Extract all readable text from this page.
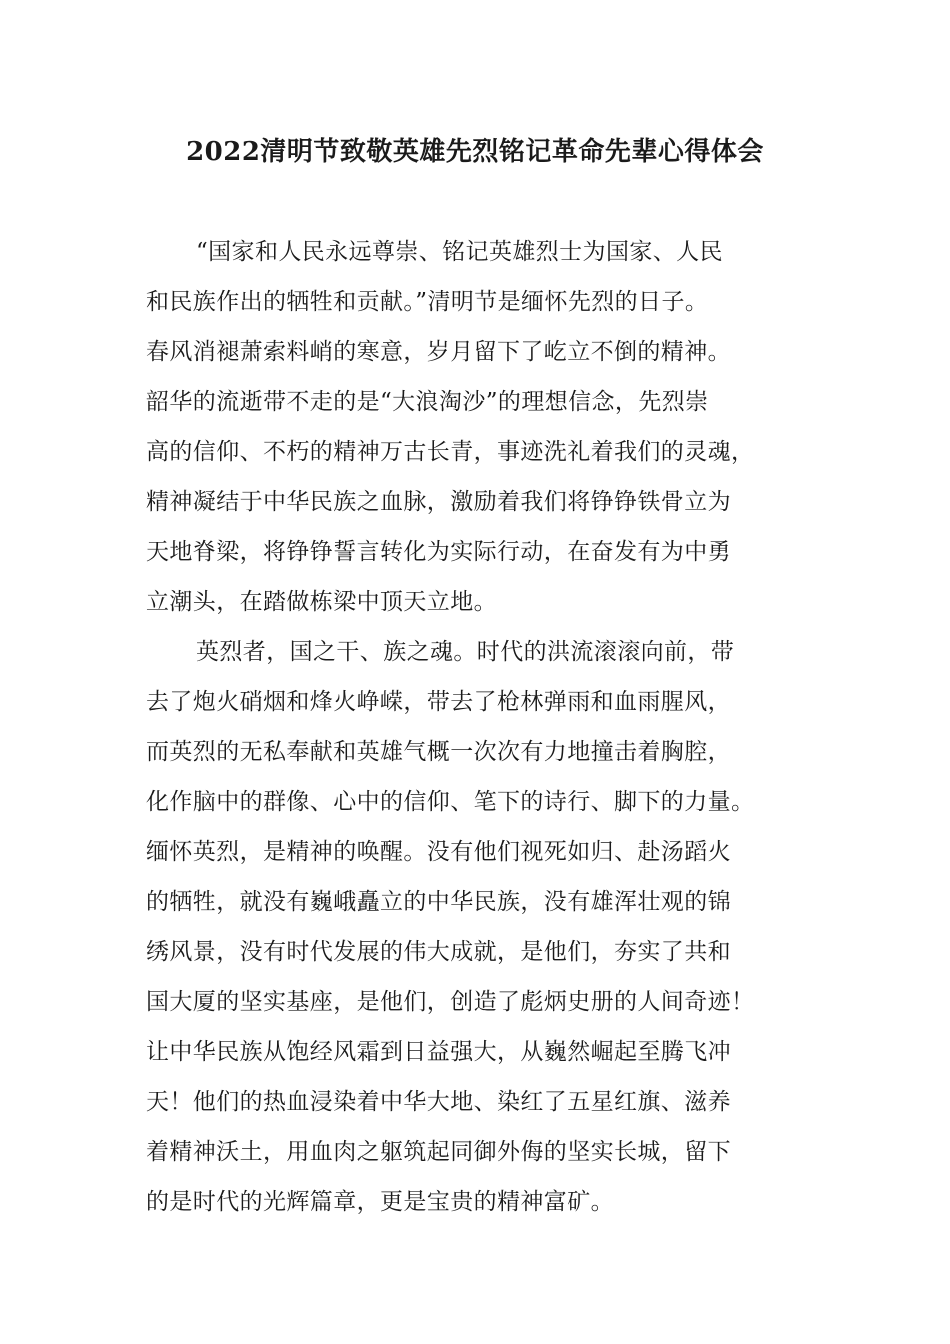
2022清明节致敬英雄先烈铭记革命先辈心得体会
“国家和人民永远尊崇、铭记英雄烈士为国家、人民
和民族作出的牺牲和贡献。”清明节是缅怀先烈的日子。
春风消褪萧索料峭的寒意，岁月留下了屹立不倒的精神。
韶华的流逝带不走的是“大浪淘沙”的理想信念，先烈崇
高的信仰、不朽的精神万古长青，事迹洗礼着我们的灵魂，
精神凝结于中华民族之血脉，激励着我们将铮铮铁骨立为
天地脊梁，将铮铮誓言转化为实际行动，在奋发有为中勇
立潮头，在踏做栋梁中顶天立地。
英烈者，国之干、族之魂。时代的洪流滚滚向前，带
去了炮火硝烟和烽火峥嵘，带去了枪林弹雨和血雨腥风，
而英烈的无私奉献和英雄气概一次次有力地撞击着胸腔，
化作脑中的群像、心中的信仰、笔下的诗行、脚下的力量。
缅怀英烈，是精神的唤醒。没有他们视死如归、赴汤蹈火
的牺牲，就没有巍峨矗立的中华民族，没有雄浑壮观的锦
绣风景，没有时代发展的伟大成就，是他们，夯实了共和
国大厦的坚实基座，是他们，创造了彪炳史册的人间奇迹！
让中华民族从饱经风霜到日益强大，从巍然崛起至腾飞冲
天！他们的热血浸染着中华大地、染红了五星红旗、滋养
着精神沃土，用血肉之躯筑起同御外侮的坚实长城，留下
的是时代的光辉篇章，更是宝贵的精神富矿。
